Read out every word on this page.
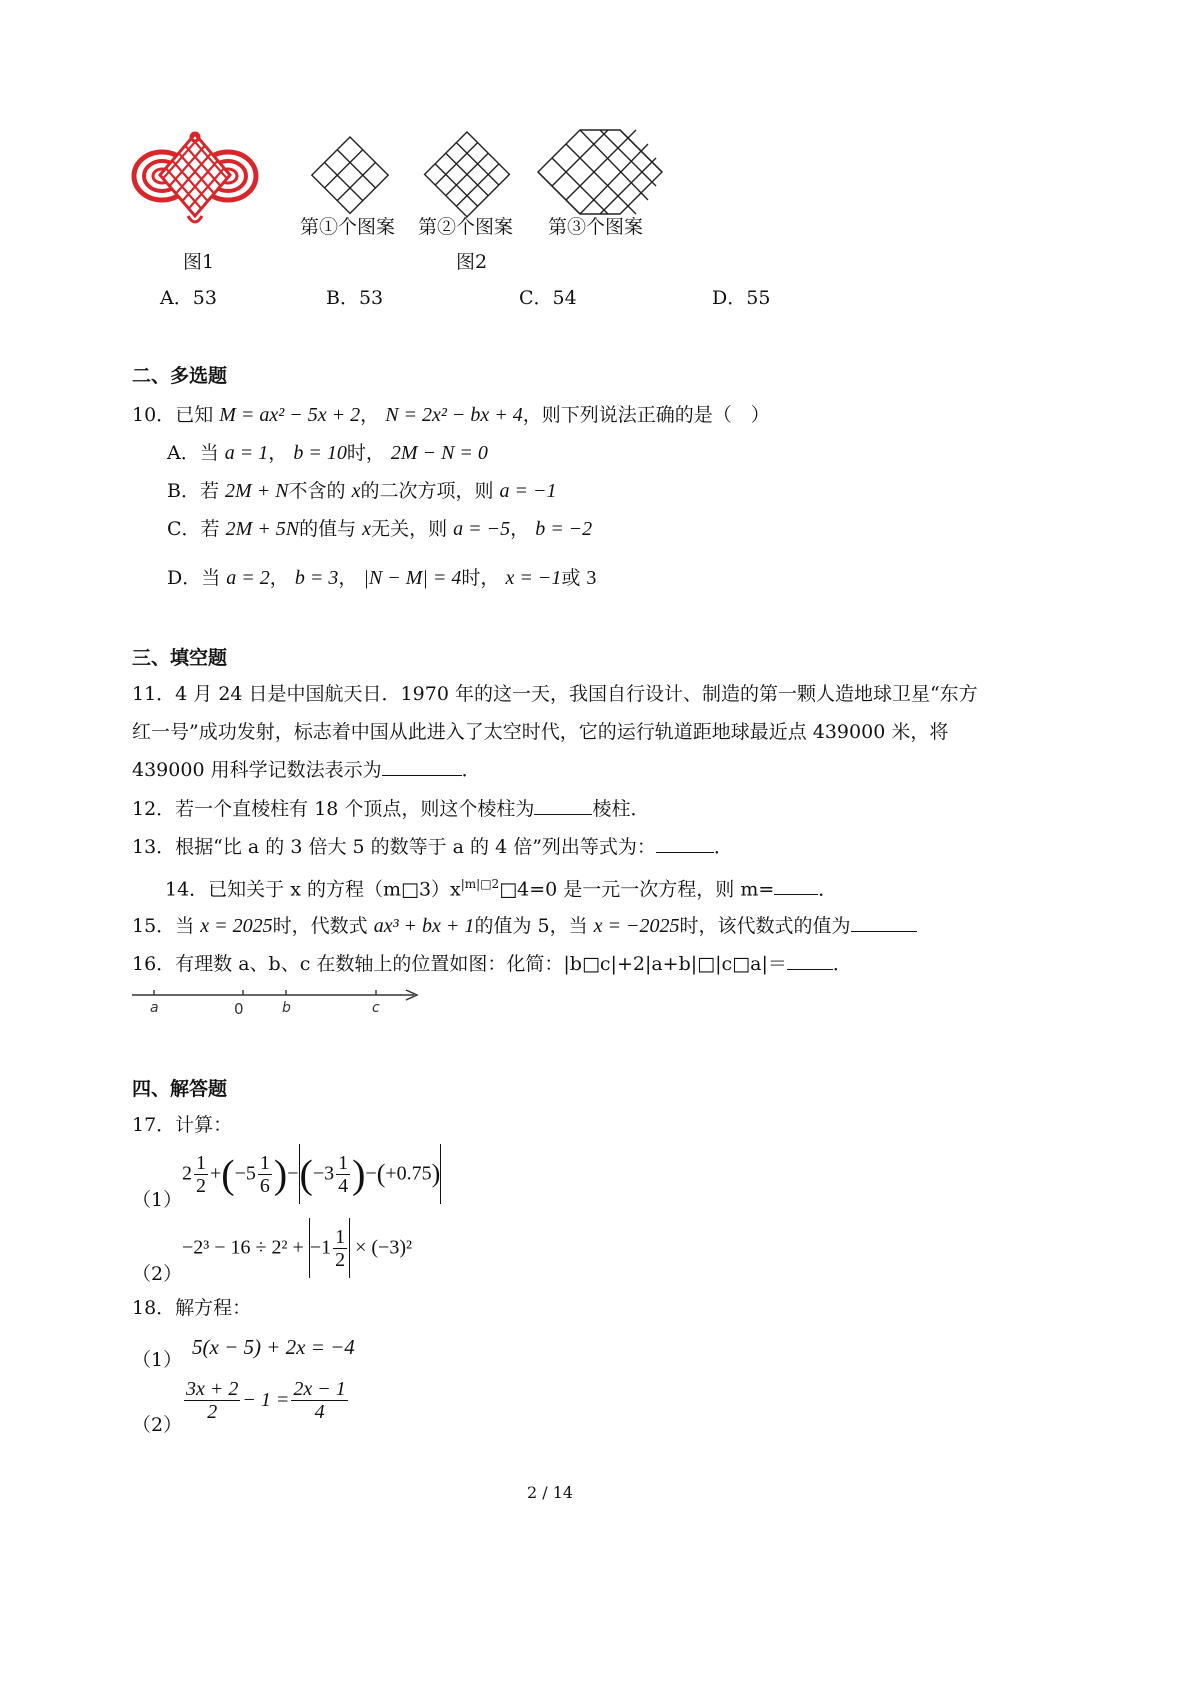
图1
第①个图案 第②个图案 第③个图案
图2
A．53	B．53	C．54	D．55
二、多选题
10．已知 M = ax² − 5x + 2， N = 2x² − bx + 4，则下列说法正确的是（　）
A．当 a = 1， b = 10时， 2M − N = 0
B．若 2M + N不含的 x的二次方项，则 a = −1
C．若 2M + 5N的值与 x无关，则 a = −5， b = −2
D．当 a = 2， b = 3， |N − M| = 4时， x = −1或 3
三、填空题
11．4 月 24 日是中国航天日．1970 年的这一天，我国自行设计、制造的第一颗人造地球卫星“东方
红一号”成功发射，标志着中国从此进入了太空时代，它的运行轨道距地球最近点 439000 米，将
439000 用科学记数法表示为	．
12．若一个直棱柱有 18 个顶点，则这个棱柱为	棱柱．
13．根据“比 a 的 3 倍大 5 的数等于 a 的 4 倍”列出等式为：	．
14．已知关于 x 的方程$(m□3)x^{|m|□2}□4=0$ 是一元一次方程，则 m= ．
15．当 x = 2025时，代数式 ax³ + bx + 1的值为 5，当 x = −2025时，该代数式的值为
16．有理数 a、b、c 在数轴上的位置如图：化简：|b□c|+2|a+b|□|c□a|＝ ．
a	0	b	c
四、解答题
17．计算：
（1）
$2 \frac{1}{2} +(-5 \frac{1}{6} )-(-3 \frac{1}{4} )-(+0.75)$
（2）
$-2^3 - 16 \div 2^2 + -1 \frac{1}{2} \times (-3)^2$
18．解方程：
（1）
5(x − 5) + 2x = −4
（2）
$\frac{3x + 2}{2} - 1 = \frac{2x - 1}{4}$
2 / 14
